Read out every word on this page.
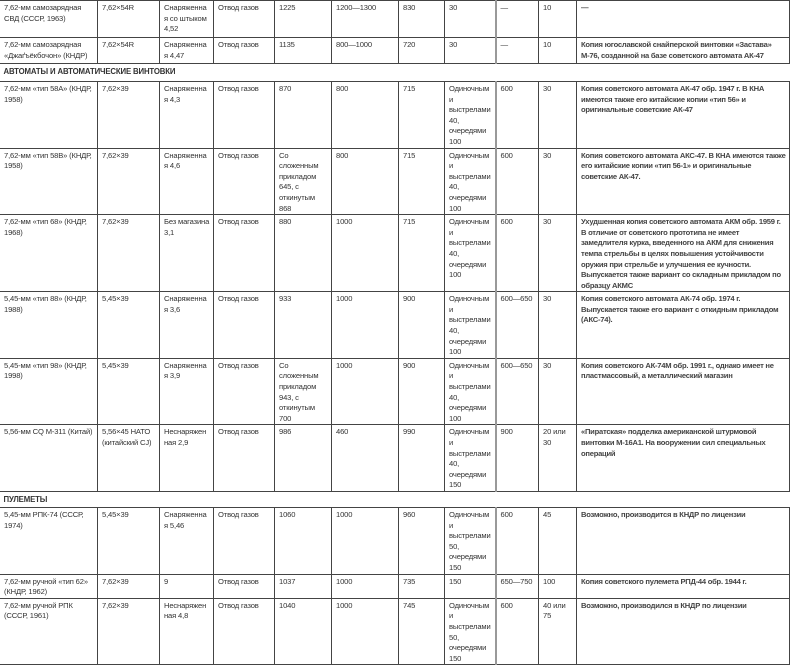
7,62-мм самозарядная СВД (СССР, 1963)	7,62×54R	Снаряженная со штыком 4,52	Отвод газов	1225	1200—1300	830	30	—	10	—
7,62-мм самозарядная «Джаґъёкбочон» (КНДР)	7,62×54R	Снаряженная 4,47	Отвод газов	1135	800—1000	720	30	—	10	Копия югославской снайперской винтовки «Застава» М-76, созданной на базе советского автомата АК-47
АВТОМАТЫ И АВТОМАТИЧЕСКИЕ ВИНТОВКИ										
7,62-мм «тип 58А» (КНДР, 1958)	7,62×39	Снаряженная 4,3	Отвод газов	870	800	715	Одиночными выстрелами 40, очередями 100	600	30	Копия советского автомата АК-47 обр. 1947 г. В КНА имеются также его китайские копии «тип 56» и оригинальные советские АК-47
7,62-мм «тип 58В» (КНДР, 1958)	7,62×39	Снаряженная 4,6	Отвод газов	Со сложенным прикладом 645, с откинутым 868	800	715	Одиночными выстрелами 40, очередями 100	600	30	Копия советского автомата АКС-47. В КНА имеются также его китайские копии «тип 56-1» и оригинальные советские АК-47.
7,62-мм «тип 68» (КНДР, 1968)	7,62×39	Без магазина 3,1	Отвод газов	880	1000	715	Одиночными выстрелами 40, очередями 100	600	30	Ухудшенная копия советского автомата АКМ обр. 1959 г. В отличие от советского прототипа не имеет замедлителя курка, введенного на АКМ для снижения темпа стрельбы в целях повышения устойчивости оружия при стрельбе и улучшения ее кучности. Выпускается также вариант со складным прикладом по образцу АКМС
5,45-мм «тип 88» (КНДР, 1988)	5,45×39	Снаряженная 3,6	Отвод газов	933	1000	900	Одиночными выстрелами 40, очередями 100	600—650	30	Копия советского автомата АК-74 обр. 1974 г. Выпускается также его вариант с откидным прикладом (АКС-74).
5,45-мм «тип 98» (КНДР, 1998)	5,45×39	Снаряженная 3,9	Отвод газов	Со сложенным прикладом 943, с откинутым 700	1000	900	Одиночными выстрелами 40, очередями 100	600—650	30	Копия советского АК-74М обр. 1991 г., однако имеет не пластмассовый, а металлический магазин
5,56-мм CQ M-311 (Китай)	5,56×45 НАТО (китайский CJ)	Неснаряженная 2,9	Отвод газов	986	460	990	Одиночными выстрелами 40, очередями 150	900	20 или 30	«Пиратская» подделка американской штурмовой винтовки М-16А1. На вооружении сил специальных операций
ПУЛЕМЕТЫ										
5,45-мм РПК-74 (СССР, 1974)	5,45×39	Снаряженная 5,46	Отвод газов	1060	1000	960	Одиночными выстрелами 50, очередями 150	600	45	Возможно, производится в КНДР по лицензии
7,62-мм ручной «тип 62» (КНДР, 1962)	7,62×39	9	Отвод газов	1037	1000	735	150	650—750	100	Копия советского пулемета РПД-44 обр. 1944 г.
7,62-мм ручной РПК (СССР, 1961)	7,62×39	Неснаряженная 4,8	Отвод газов	1040	1000	745	Одиночными выстрелами 50, очередями 150	600	40 или 75	Возможно, производился в КНДР по лицензии
